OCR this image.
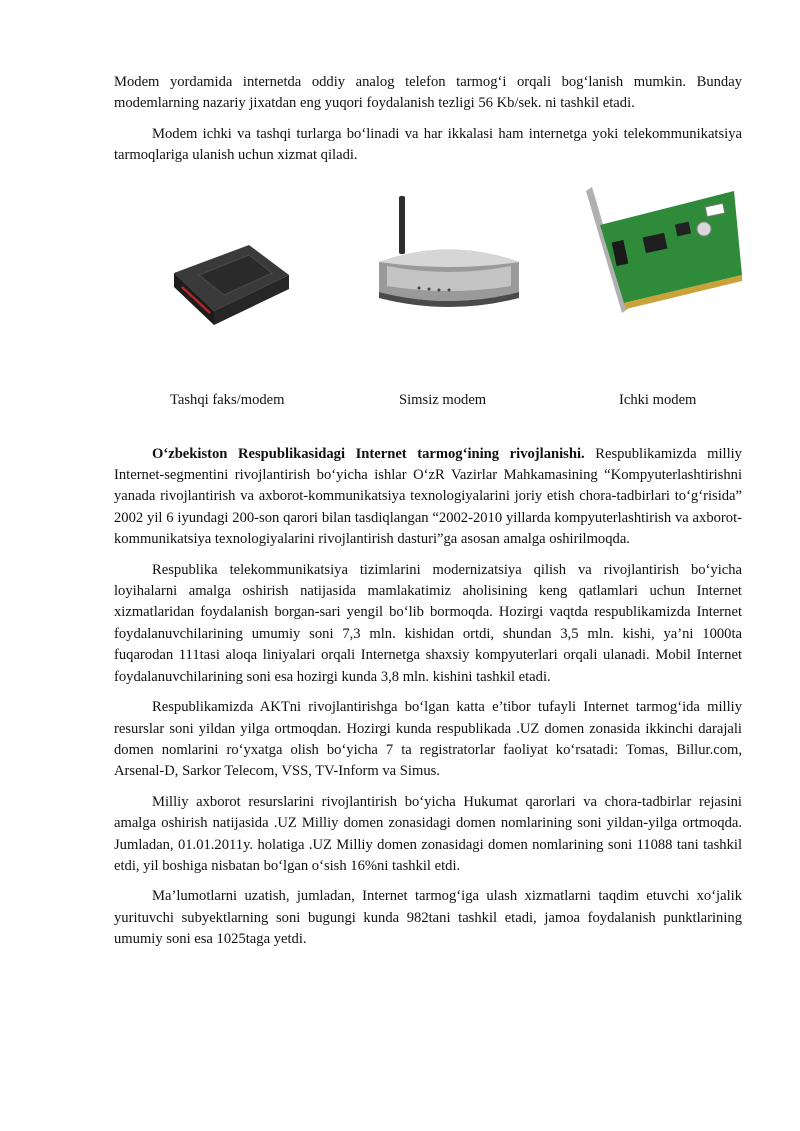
Modem yordamida internetda oddiy analog telefon tarmog‘i orqali bog‘lanish mumkin. Bunday modemlarning nazariy jixatdan eng yuqori foydalanish tezligi 56 Kb/sek. ni tashkil etadi.

Modem ichki va tashqi turlarga bo‘linadi va har ikkalasi ham internetga yoki telekommunikatsiya tarmoqlariga ulanish uchun xizmat qiladi.

Tashqi faks/modem	Simsiz modem	Ichki modem

O‘zbekiston Respublikasidagi Internet tarmog‘ining rivojlanishi. Respublikamizda milliy Internet-segmentini rivojlantirish bo‘yicha ishlar O‘zR Vazirlar Mahkamasining “Kompyuterlashtirishni yanada rivojlantirish va axborot-kommunikatsiya texnologiyalarini joriy etish chora-tadbirlari to‘g‘risida” 2002 yil 6 iyundagi 200-son qarori bilan tasdiqlangan “2002-2010 yillarda kompyuterlashtirish va axborot-kommunikatsiya texnologiyalarini rivojlantirish dasturi”ga asosan amalga oshirilmoqda.

Respublika telekommunikatsiya tizimlarini modernizatsiya qilish va rivojlantirish bo‘yicha loyihalarni amalga oshirish natijasida mamlakatimiz aholisining keng qatlamlari uchun Internet xizmatlaridan foydalanish borgan-sari yengil bo‘lib bormoqda. Hozirgi vaqtda respublikamizda Internet foydalanuvchilarining umumiy soni 7,3 mln. kishidan ortdi, shundan 3,5 mln. kishi, ya’ni 1000ta fuqarodan 111tasi aloqa liniyalari orqali Internetga shaxsiy kompyuterlari orqali ulanadi. Mobil Internet foydalanuvchilarining soni esa hozirgi kunda 3,8 mln. kishini tashkil etadi.

Respublikamizda AKTni rivojlantirishga bo‘lgan katta e’tibor tufayli Internet tarmog‘ida milliy resurslar soni yildan yilga ortmoqdan. Hozirgi kunda respublikada .UZ domen zonasida ikkinchi darajali domen nomlarini ro‘yxatga olish bo‘yicha 7 ta registratorlar faoliyat ko‘rsatadi: Tomas, Billur.com, Arsenal-D, Sarkor Telecom, VSS, TV-Inform va Simus.

Milliy axborot resurslarini rivojlantirish bo‘yicha Hukumat qarorlari va chora-tadbirlar rejasini amalga oshirish natijasida .UZ Milliy domen zonasidagi domen nomlarining soni yildan-yilga ortmoqda. Jumladan, 01.01.2011y. holatiga .UZ Milliy domen zonasidagi domen nomlarining soni 11088 tani tashkil etdi, yil boshiga nisbatan bo‘lgan o‘sish 16%ni tashkil etdi.

Ma’lumotlarni uzatish, jumladan, Internet tarmog‘iga ulash xizmatlarni taqdim etuvchi xo‘jalik yurituvchi subyektlarning soni bugungi kunda 982tani tashkil etadi, jamoa foydalanish punktlarining umumiy soni esa 1025taga yetdi.
